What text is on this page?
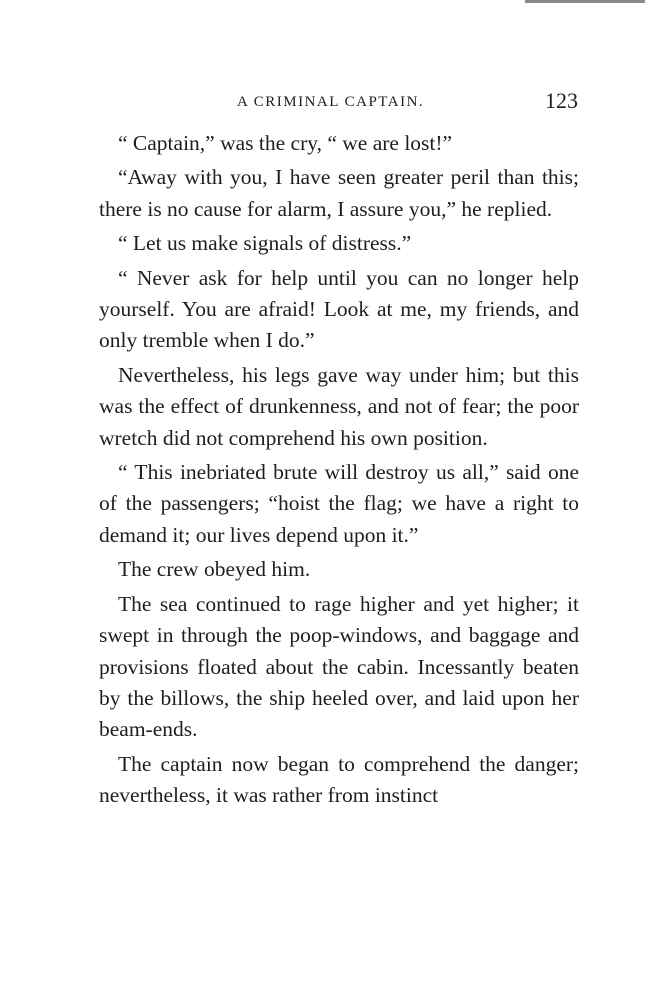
A CRIMINAL CAPTAIN.	123

“ Captain,” was the cry, “ we are lost!”

“Away with you, I have seen greater peril than this; there is no cause for alarm, I assure you,” he replied.

“ Let us make signals of distress.”

“ Never ask for help until you can no longer help yourself. You are afraid! Look at me, my friends, and only tremble when I do.”

Nevertheless, his legs gave way under him; but this was the effect of drunkenness, and not of fear; the poor wretch did not comprehend his own position.

“ This inebriated brute will destroy us all,” said one of the passengers; “hoist the flag; we have a right to demand it; our lives depend upon it.”

The crew obeyed him.

The sea continued to rage higher and yet higher; it swept in through the poop-windows, and baggage and provisions floated about the cabin. Incessantly beaten by the billows, the ship heeled over, and laid upon her beam-ends.

The captain now began to comprehend the danger; nevertheless, it was rather from instinct
